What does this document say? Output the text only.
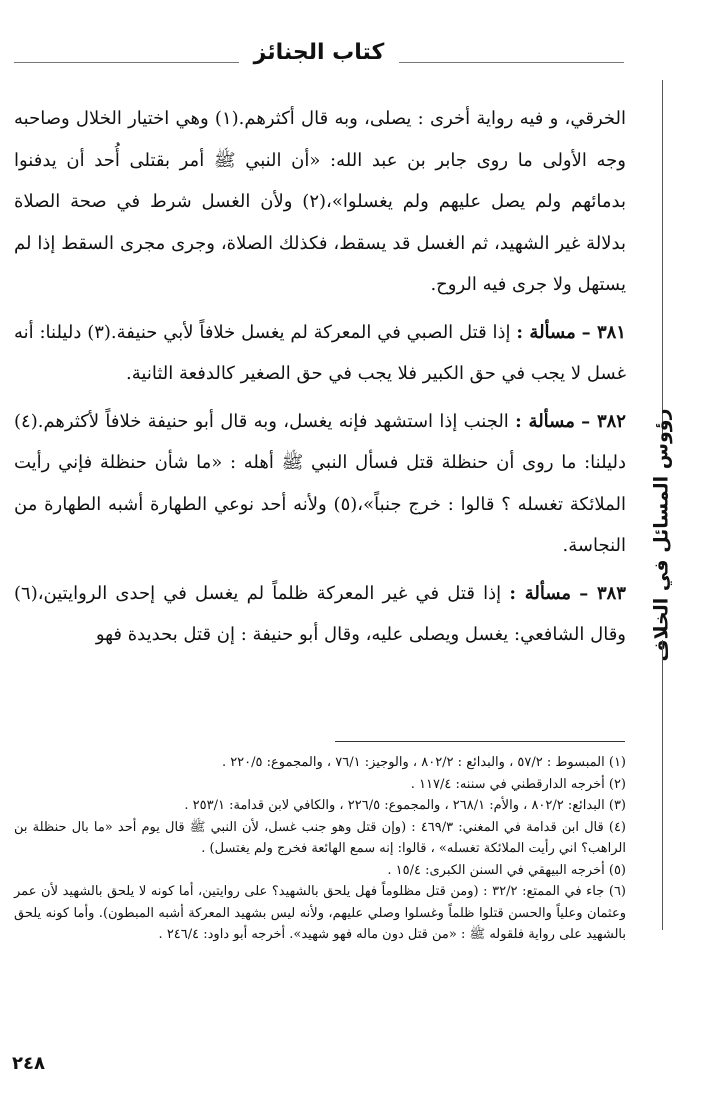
كتاب الجنائز
رؤوس المسائل في الخلاف

الخرقي، و فيه رواية أخرى : يصلى، وبه قال أكثرهم.(١) وهي اختيار الخلال وصاحبه وجه الأولى ما روى جابر بن عبد الله: «أن النبي ﷺ أمر بقتلى أُحد أن يدفنوا بدمائهم ولم يصل عليهم ولم يغسلوا»،(٢) ولأن الغسل شرط في صحة الصلاة بدلالة غير الشهيد، ثم الغسل قد يسقط، فكذلك الصلاة، وجرى مجرى السقط إذا لم يستهل ولا جرى فيه الروح.

٣٨١ – مسألة : إذا قتل الصبي في المعركة لم يغسل خلافاً لأبي حنيفة.(٣) دليلنا: أنه غسل لا يجب في حق الكبير فلا يجب في حق الصغير كالدفعة الثانية.

٣٨٢ – مسألة : الجنب إذا استشهد فإنه يغسل، وبه قال أبو حنيفة خلافاً لأكثرهم.(٤) دليلنا: ما روى أن حنظلة قتل فسأل النبي ﷺ أهله : «ما شأن حنظلة فإني رأيت الملائكة تغسله ؟ قالوا : خرج جنباً»،(٥) ولأنه أحد نوعي الطهارة أشبه الطهارة من النجاسة.

٣٨٣ – مسألة : إذا قتل في غير المعركة ظلماً لم يغسل في إحدى الروايتين،(٦) وقال الشافعي: يغسل ويصلى عليه، وقال أبو حنيفة : إن قتل بحديدة فهو

(١) المبسوط : ٥٧/٢ ، والبدائع : ٨٠٢/٢ ، والوجيز: ٧٦/١ ، والمجموع: ٢٢٠/٥ .

(٢) أخرجه الدارقطني في سننه: ١١٧/٤ .

(٣) البدائع: ٨٠٢/٢ ، والأم: ٢٦٨/١ ، والمجموع: ٢٢٦/٥ ، والكافي لابن قدامة: ٢٥٣/١ .

(٤) قال ابن قدامة في المغني: ٤٦٩/٣ : (وإن قتل وهو جنب غسل، لأن النبي ﷺ قال يوم أحد «ما بال حنظلة بن الراهب؟ اني رأيت الملائكة تغسله» ، قالوا: إنه سمع الهائعة فخرج ولم يغتسل) .

(٥) أخرجه البيهقي في السنن الكبرى: ١٥/٤ .

(٦) جاء في الممتع: ٣٢/٢ : (ومن قتل مظلوماً فهل يلحق بالشهيد؟ على روايتين، أما كونه لا يلحق بالشهيد لأن عمر وعثمان وعلياً والحسن قتلوا ظلماً وغسلوا وصلي عليهم، ولأنه ليس بشهيد المعركة أشبه المبطون). وأما كونه يلحق بالشهيد على رواية فلقوله ﷺ : «من قتل دون ماله فهو شهيد». أخرجه أبو داود: ٢٤٦/٤ .

٢٤٨
